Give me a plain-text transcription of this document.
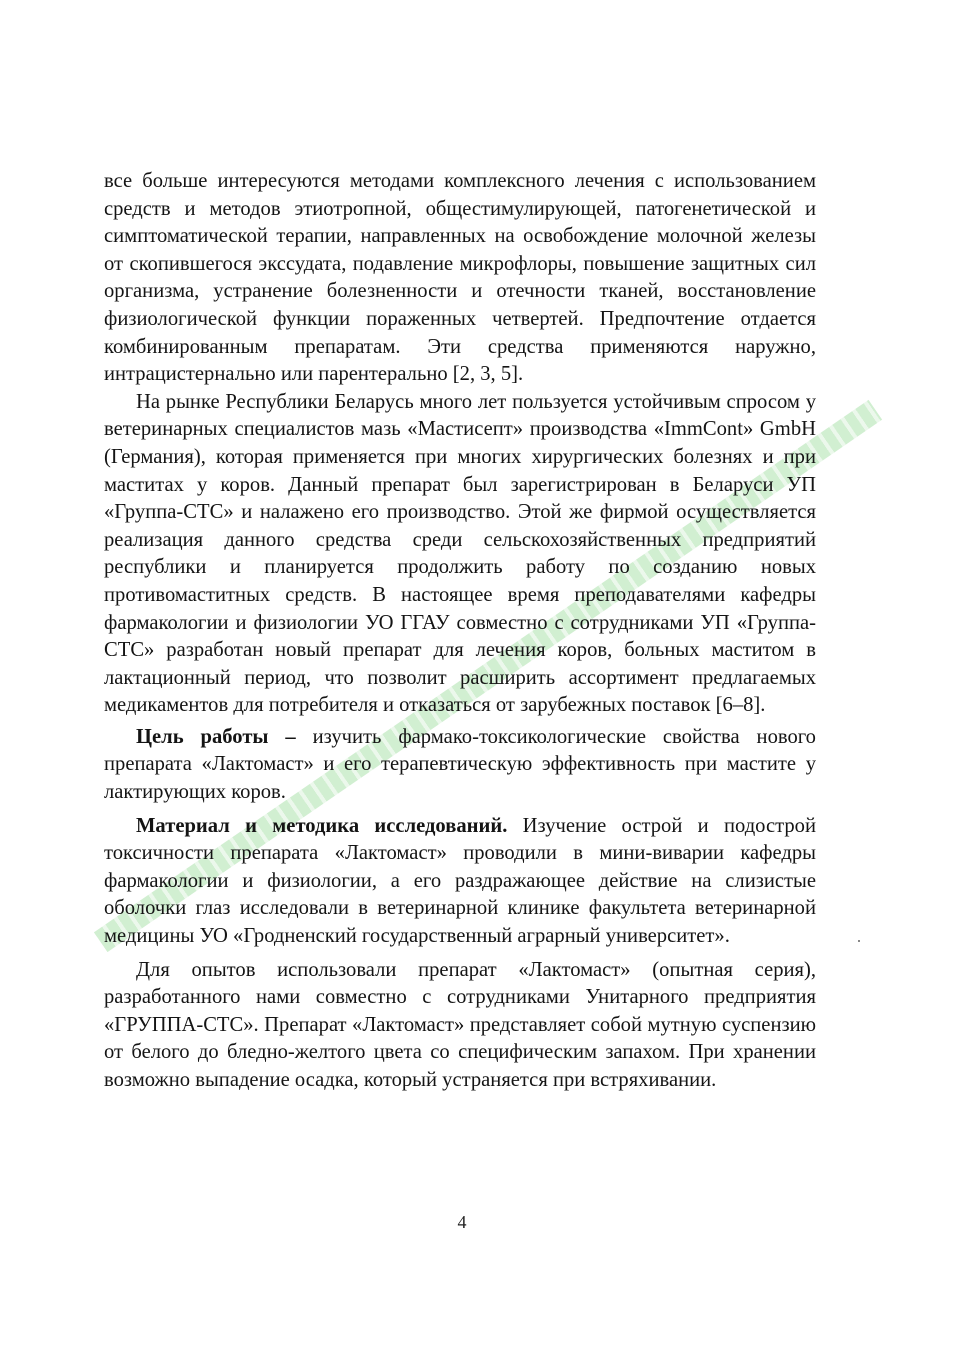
все больше интересуются методами комплексного лечения с использованием средств и методов этиотропной, общестимулирующей, патогенетической и симптоматической терапии, направленных на освобождение молочной железы от скопившегося экссудата, подавление микрофлоры, повышение защитных сил организма, устранение болезненности и отечности тканей, восстановление физиологической функции пораженных четвертей. Предпочтение отдается комбинированным препаратам. Эти средства применяются наружно, интрацистернально или парентерально [2, 3, 5].

На рынке Республики Беларусь много лет пользуется устойчивым спросом у ветеринарных специалистов мазь «Мастисепт» производства «ImmCont» GmbH (Германия), которая применяется при многих хирургических болезнях и при маститах у коров. Данный препарат был зарегистрирован в Беларуси УП «Группа-СТС» и налажено его производство. Этой же фирмой осуществляется реализация данного средства среди сельскохозяйственных предприятий республики и планируется продолжить работу по созданию новых противомаститных средств. В настоящее время преподавателями кафедры фармакологии и физиологии УО ГГАУ совместно с сотрудниками УП «Группа-СТС» разработан новый препарат для лечения коров, больных маститом в лактационный период, что позволит расширить ассортимент предлагаемых медикаментов для потребителя и отказаться от зарубежных поставок [6–8].

Цель работы – изучить фармако-токсикологические свойства нового препарата «Лактомаст» и его терапевтическую эффективность при мастите у лактирующих коров.

Материал и методика исследований. Изучение острой и подострой токсичности препарата «Лактомаст» проводили в мини-виварии кафедры фармакологии и физиологии, а его раздражающее действие на слизистые оболочки глаз исследовали в ветеринарной клинике факультета ветеринарной медицины УО «Гродненский государственный аграрный университет».

Для опытов использовали препарат «Лактомаст» (опытная серия), разработанного нами совместно с сотрудниками Унитарного предприятия «ГРУППА-СТС». Препарат «Лактомаст» представляет собой мутную суспензию от белого до бледно-желтого цвета со специфическим запахом. При хранении возможно выпадение осадка, который устраняется при встряхивании.

4
